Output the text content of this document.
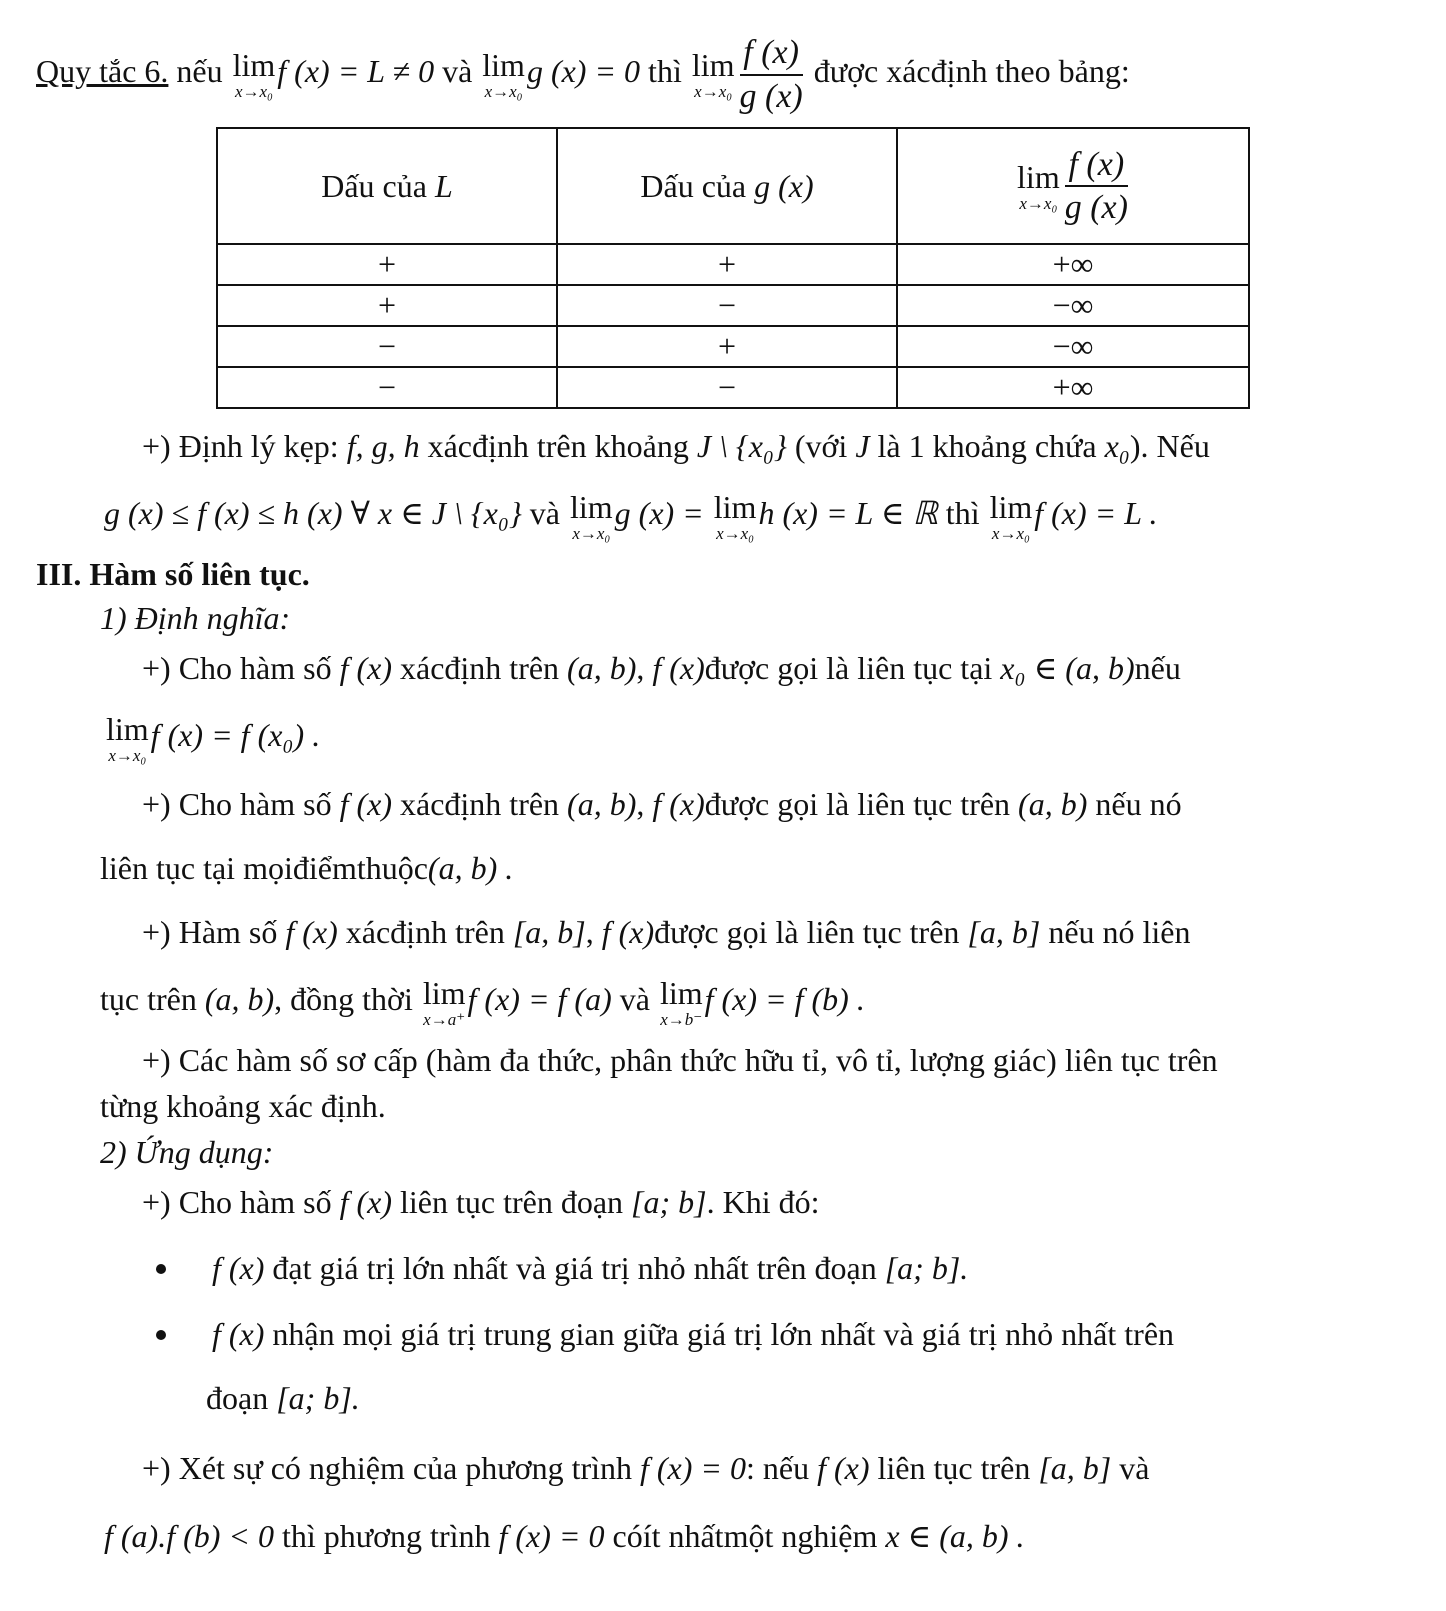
Quy tắc 6. nếu lim
x→x₀
f (x) = L ≠ 0 và lim
x→x₀
g (x) = 0 thì lim
$x\to x_0 \frac{f (x)}{g (x)}$ được xácđịnh theo bảng:
Dấu của L	Dấu của g (x)	lim
$x\to x_0 \frac{f (x)}{g (x)}$

+	+	+∞
+	−	−∞
−	+	−∞
−	−	+∞
+) Định lý kẹp: f, g, h xácđịnh trên khoảng J \ {x₀} (với J là 1 khoảng chứa x₀). Nếu
g (x) ≤ f (x) ≤ h (x) ∀ x ∈ J \ {x₀} và lim
x→x₀
g (x) = lim
x→x₀
h (x) = L ∈ ℝ thì lim
x→x₀
f (x) = L .
III. Hàm số liên tục.
1) Định nghĩa:
+) Cho hàm số f (x) xácđịnh trên (a, b), f (x)được gọi là liên tục tại x₀ ∈ (a, b)nếu
lim
x→x₀
f (x) = f (x₀) .
+) Cho hàm số f (x) xácđịnh trên (a, b), f (x)được gọi là liên tục trên (a, b) nếu nó
liên tục tại mọiđiểmthuộc(a, b) .
+) Hàm số f (x) xácđịnh trên [a, b], f (x)được gọi là liên tục trên [a, b] nếu nó liên
tục trên (a, b), đồng thời lim
x→a⁺
f (x) = f (a) và lim
x→b⁻
f (x) = f (b) .
+) Các hàm số sơ cấp (hàm đa thức, phân thức hữu tỉ, vô tỉ, lượng giác) liên tục trên
từng khoảng xác định.
2) Ứng dụng:
+) Cho hàm số f (x) liên tục trên đoạn [a; b]. Khi đó:
f (x) đạt giá trị lớn nhất và giá trị nhỏ nhất trên đoạn [a; b].
f (x) nhận mọi giá trị trung gian giữa giá trị lớn nhất và giá trị nhỏ nhất trên
đoạn [a; b].
+) Xét sự có nghiệm của phương trình f (x) = 0: nếu f (x) liên tục trên [a, b] và
f (a).f (b) < 0 thì phương trình f (x) = 0 cóít nhấtmột nghiệm x ∈ (a, b) .
